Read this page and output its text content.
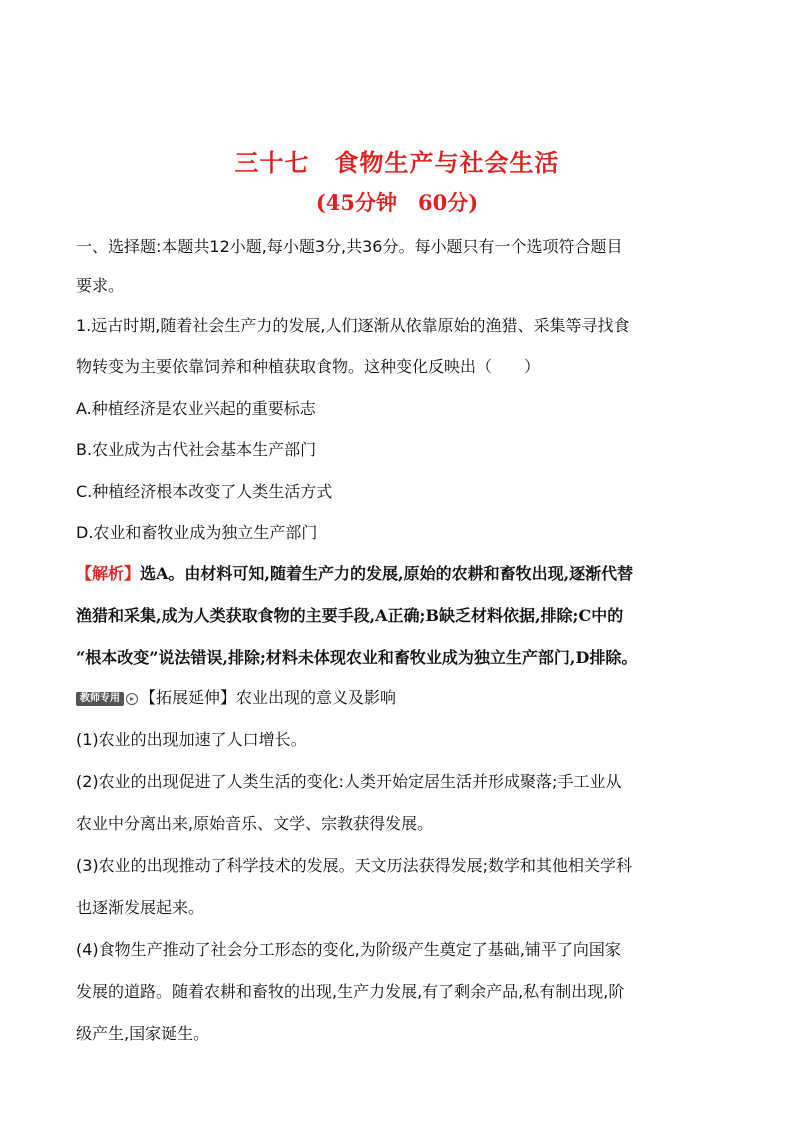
三十七　食物生产与社会生活
(45分钟　60分)
一、选择题:本题共12小题,每小题3分,共36分。每小题只有一个选项符合题目
要求。
1.远古时期,随着社会生产力的发展,人们逐渐从依靠原始的渔猎、采集等寻找食
物转变为主要依靠饲养和种植获取食物。这种变化反映出（　　）
A.种植经济是农业兴起的重要标志
B.农业成为古代社会基本生产部门
C.种植经济根本改变了人类生活方式
D.农业和畜牧业成为独立生产部门
【解析】选A。由材料可知,随着生产力的发展,原始的农耕和畜牧出现,逐渐代替
渔猎和采集,成为人类获取食物的主要手段,A正确;B缺乏材料依据,排除;C中的
“根本改变”说法错误,排除;材料未体现农业和畜牧业成为独立生产部门,D排除。
教师专用 ▸ 【拓展延伸】农业出现的意义及影响
(1)农业的出现加速了人口增长。
(2)农业的出现促进了人类生活的变化:人类开始定居生活并形成聚落;手工业从
农业中分离出来,原始音乐、文学、宗教获得发展。
(3)农业的出现推动了科学技术的发展。天文历法获得发展;数学和其他相关学科
也逐渐发展起来。
(4)食物生产推动了社会分工形态的变化,为阶级产生奠定了基础,铺平了向国家
发展的道路。随着农耕和畜牧的出现,生产力发展,有了剩余产品,私有制出现,阶
级产生,国家诞生。
